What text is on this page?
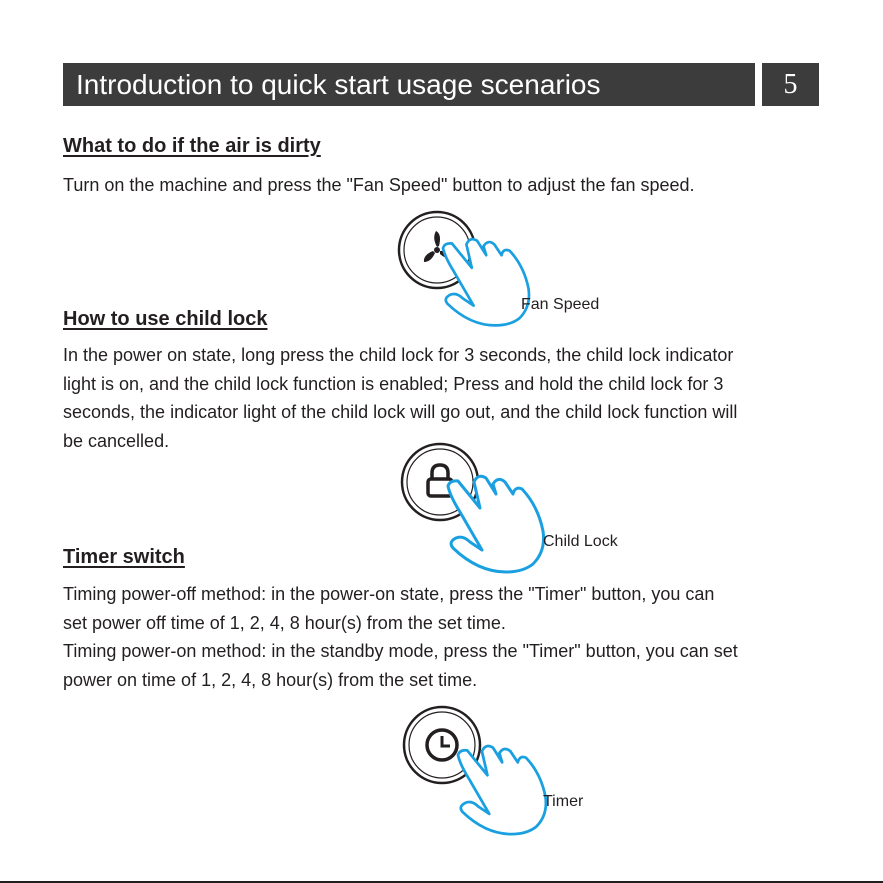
Introduction to quick start usage scenarios	5
What to do if the air is dirty
Turn on the machine and press the "Fan Speed" button to adjust the fan speed.
Fan Speed
How to use child lock
In the power on state, long press the child lock for 3 seconds, the child lock indicator
light is on, and the child lock function is enabled; Press and hold the child lock for 3
seconds, the indicator light of the child lock will go out, and the child lock function will
be cancelled.
Child Lock
Timer switch
Timing power-off method: in the power-on state, press the "Timer" button, you can
set power off time of 1, 2, 4, 8 hour(s) from the set time.
Timing power-on method: in the standby mode, press the "Timer" button, you can set
power on time of 1, 2, 4, 8 hour(s) from the set time.
Timer
